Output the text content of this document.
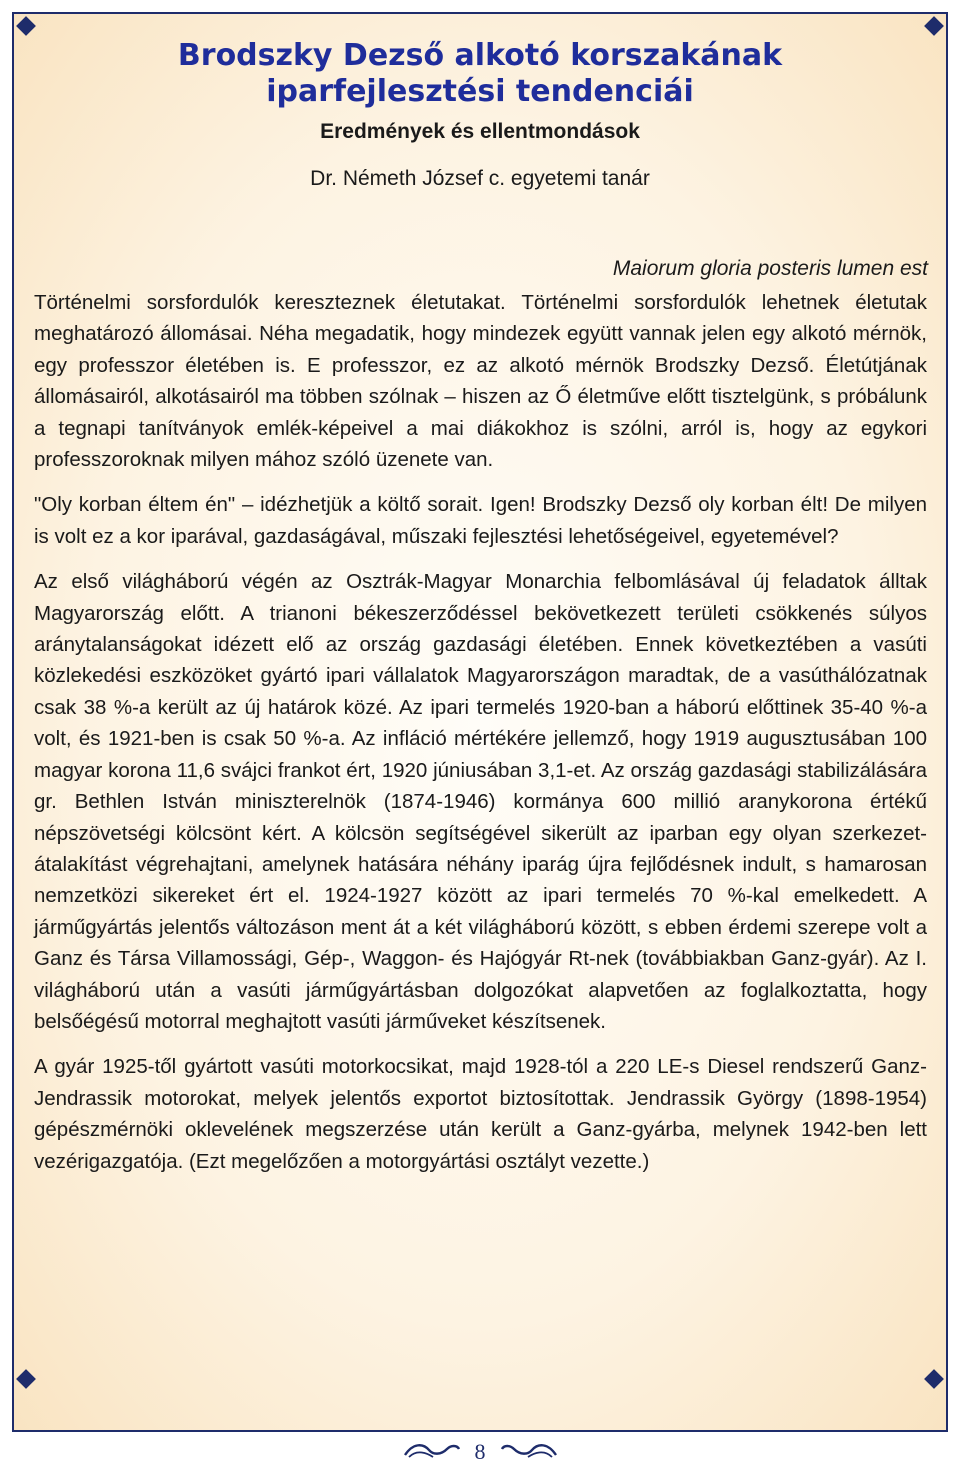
Brodszky Dezső alkotó korszakának
iparfejlesztési tendenciái
Eredmények és ellentmondások
Dr. Németh József c. egyetemi tanár
Maiorum gloria posteris lumen est

Történelmi sorsfordulók kereszteznek életutakat. Történelmi sorsfordulók lehetnek életutak meghatározó állomásai. Néha megadatik, hogy mindezek együtt vannak jelen egy alkotó mérnök, egy professzor életében is. E professzor, ez az alkotó mérnök Brodszky Dezső. Életútjának állomásairól, alkotásairól ma többen szólnak – hiszen az Ő életműve előtt tisztelgünk, s próbálunk a tegnapi tanítványok emlék-képeivel a mai diákokhoz is szólni, arról is, hogy az egykori professzoroknak milyen mához szóló üzenete van.

"Oly korban éltem én" – idézhetjük a költő sorait. Igen! Brodszky Dezső oly korban élt! De milyen is volt ez a kor iparával, gazdaságával, műszaki fejlesztési lehetőségeivel, egyetemével?

Az első világháború végén az Osztrák-Magyar Monarchia felbomlásával új feladatok álltak Magyarország előtt. A trianoni békeszerződéssel bekövetkezett területi csökkenés súlyos aránytalanságokat idézett elő az ország gazdasági életében. Ennek következtében a vasúti közlekedési eszközöket gyártó ipari vállalatok Magyarországon maradtak, de a vasúthálózatnak csak 38 %-a került az új határok közé. Az ipari termelés 1920-ban a háború előttinek 35-40 %-a volt, és 1921-ben is csak 50 %-a. Az infláció mértékére jellemző, hogy 1919 augusztusában 100 magyar korona 11,6 svájci frankot ért, 1920 júniusában 3,1-et. Az ország gazdasági stabilizálására gr. Bethlen István miniszterelnök (1874-1946) kormánya 600 millió aranykorona értékű népszövetségi kölcsönt kért. A kölcsön segítségével sikerült az iparban egy olyan szerkezet-átalakítást végrehajtani, amelynek hatására néhány iparág újra fejlődésnek indult, s hamarosan nemzetközi sikereket ért el. 1924-1927 között az ipari termelés 70 %-kal emelkedett. A járműgyártás jelentős változáson ment át a két világháború között, s ebben érdemi szerepe volt a Ganz és Társa Villamossági, Gép-, Waggon- és Hajógyár Rt-nek (továbbiakban Ganz-gyár). Az I. világháború után a vasúti járműgyártásban dolgozókat alapvetően az foglalkoztatta, hogy belsőégésű motorral meghajtott vasúti járműveket készítsenek.

A gyár 1925-től gyártott vasúti motorkocsikat, majd 1928-tól a 220 LE-s Diesel rendszerű Ganz-Jendrassik motorokat, melyek jelentős exportot biztosítottak. Jendrassik György (1898-1954) gépészmérnöki oklevelének megszerzése után került a Ganz-gyárba, melynek 1942-ben lett vezérigazgatója. (Ezt megelőzően a motorgyártási osztályt vezette.)

8
